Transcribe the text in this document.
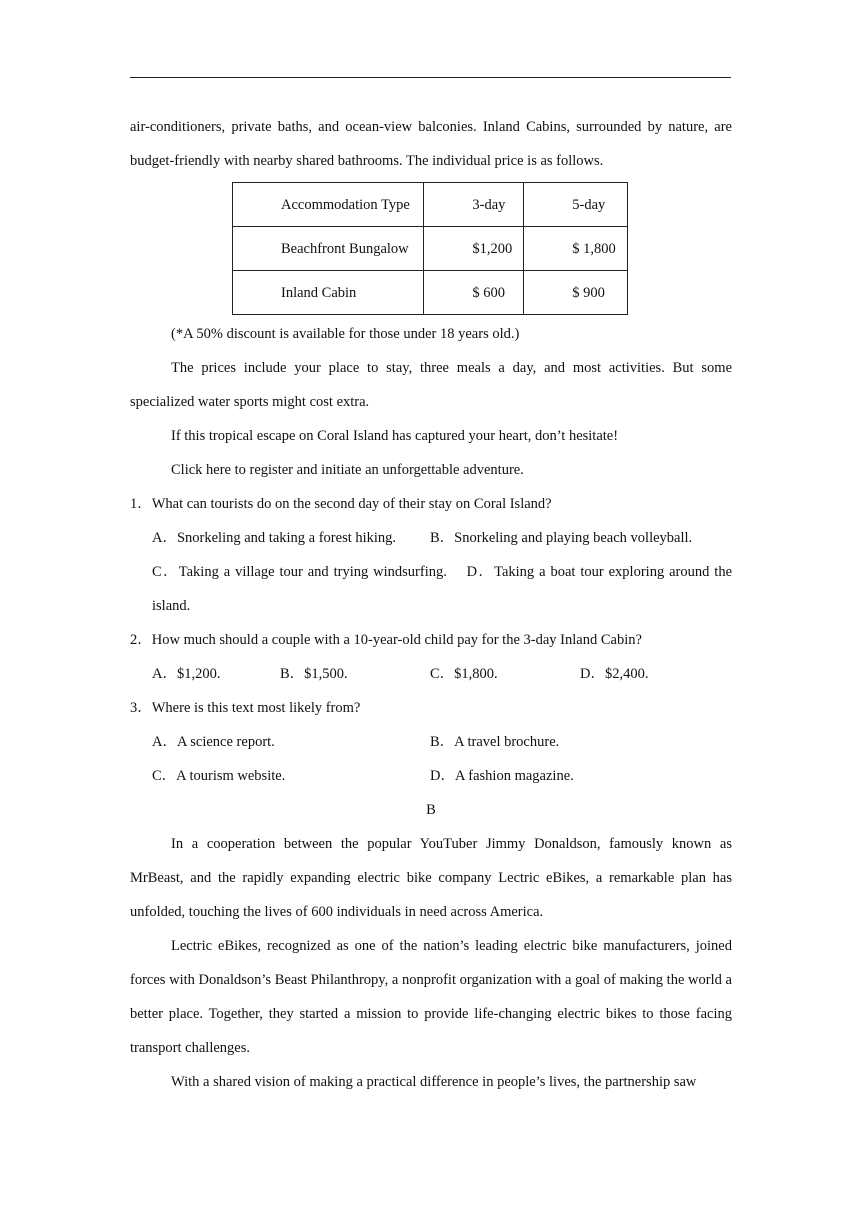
air-conditioners, private baths, and ocean-view balconies. Inland Cabins, surrounded by nature, are budget-friendly with nearby shared bathrooms. The individual price is as follows.

Accommodation Type	3-day	5-day
Beachfront Bungalow	$1,200	$ 1,800
Inland Cabin	$ 600	$ 900

(*A 50% discount is available for those under 18 years old.)

The prices include your place to stay, three meals a day, and most activities. But some specialized water sports might cost extra.

If this tropical escape on Coral Island has captured your heart, don’t hesitate!

Click here to register and initiate an unforgettable adventure.

1．What can tourists do on the second day of their stay on Coral Island?

A．Snorkeling and taking a forest hiking. B．Snorkeling and playing beach volleyball.

C．Taking a village tour and trying windsurfing. D．Taking a boat tour exploring around the island.

2．How much should a couple with a 10-year-old child pay for the 3-day Inland Cabin?

A．$1,200.	B．$1,500.	C．$1,800.	D．$2,400.

3．Where is this text most likely from?

A．A science report.	B．A travel brochure.
C．A tourism website.	D．A fashion magazine.

B

In a cooperation between the popular YouTuber Jimmy Donaldson, famously known as MrBeast, and the rapidly expanding electric bike company Lectric eBikes, a remarkable plan has unfolded, touching the lives of 600 individuals in need across America.

Lectric eBikes, recognized as one of the nation’s leading electric bike manufacturers, joined forces with Donaldson’s Beast Philanthropy, a nonprofit organization with a goal of making the world a better place. Together, they started a mission to provide life-changing electric bikes to those facing transport challenges.

With a shared vision of making a practical difference in people’s lives, the partnership saw
